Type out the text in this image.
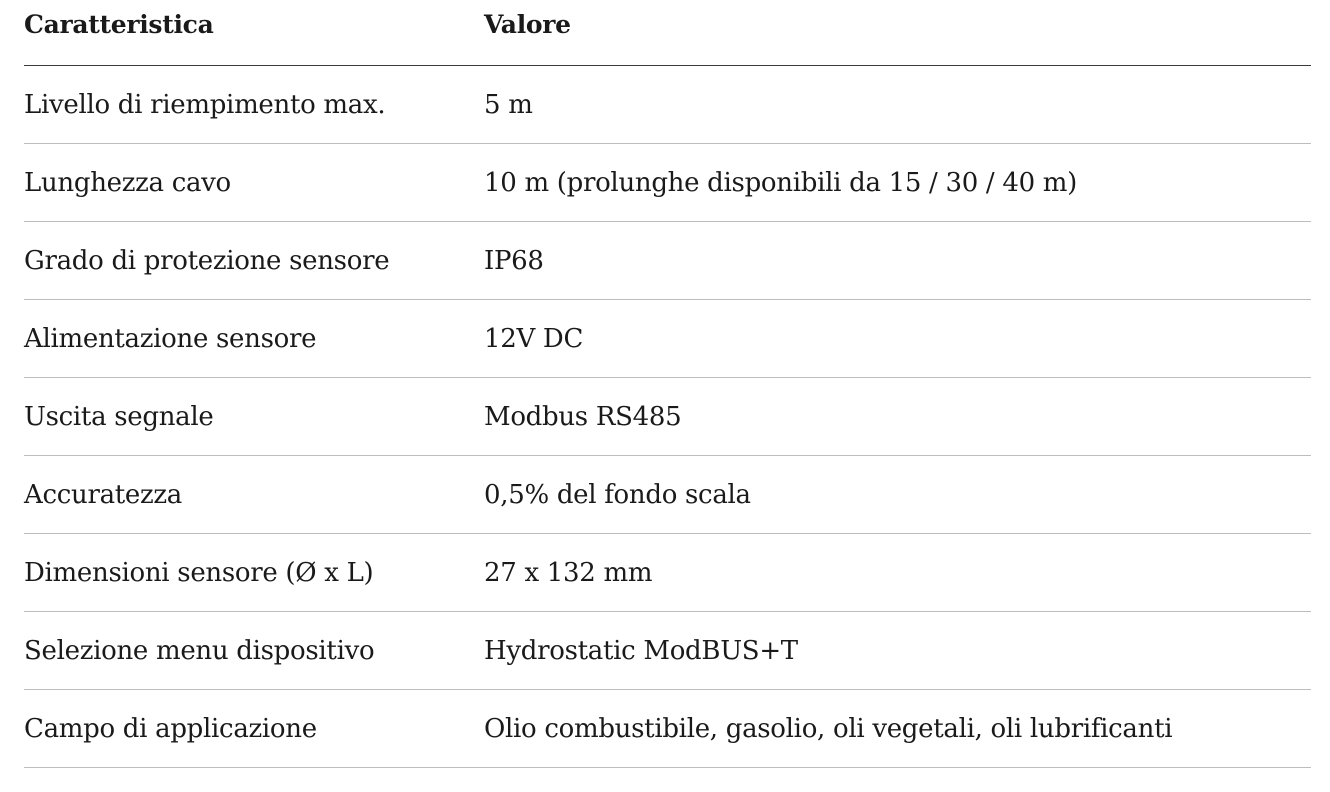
Caratteristica	Valore
Livello di riempimento max.	5 m
Lunghezza cavo	10 m (prolunghe disponibili da 15 / 30 / 40 m)
Grado di protezione sensore	IP68
Alimentazione sensore	12V DC
Uscita segnale	Modbus RS485
Accuratezza	0,5% del fondo scala
Dimensioni sensore (Ø x L)	27 x 132 mm
Selezione menu dispositivo	Hydrostatic ModBUS+T
Campo di applicazione	Olio combustibile, gasolio, oli vegetali, oli lubrificanti
